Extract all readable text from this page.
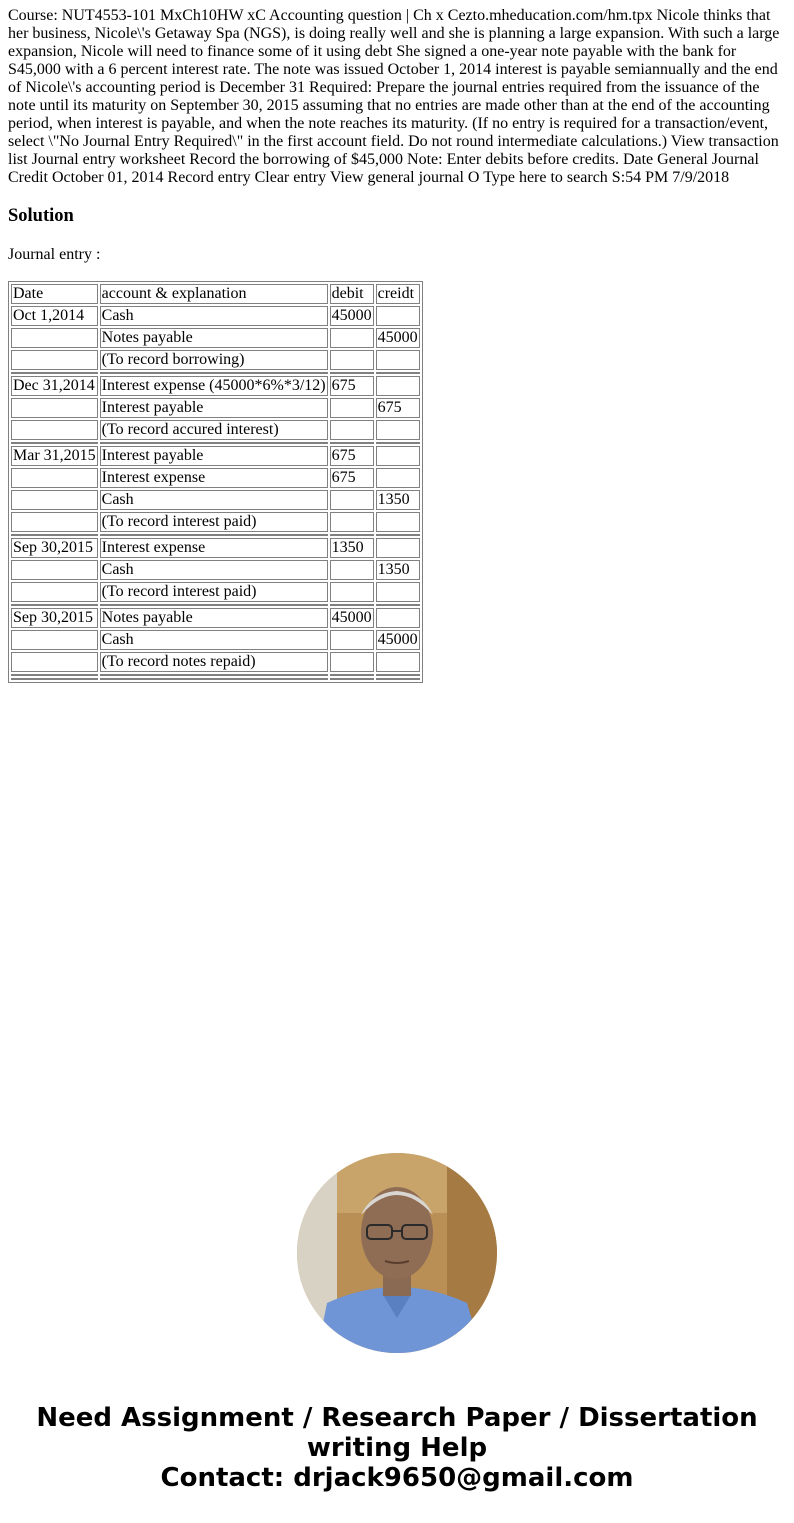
Course: NUT4553-101 MxCh10HW xC Accounting question | Ch x Cezto.mheducation.com/hm.tpx Nicole thinks that her business, Nicole\'s Getaway Spa (NGS), is doing really well and she is planning a large expansion. With such a large expansion, Nicole will need to finance some of it using debt She signed a one-year note payable with the bank for S45,000 with a 6 percent interest rate. The note was issued October 1, 2014 interest is payable semiannually and the end of Nicole\'s accounting period is December 31 Required: Prepare the journal entries required from the issuance of the note until its maturity on September 30, 2015 assuming that no entries are made other than at the end of the accounting period, when interest is payable, and when the note reaches its maturity. (If no entry is required for a transaction/event, select \"No Journal Entry Required\" in the first account field. Do not round intermediate calculations.) View transaction list Journal entry worksheet Record the borrowing of $45,000 Note: Enter debits before credits. Date General Journal Credit October 01, 2014 Record entry Clear entry View general journal O Type here to search S:54 PM 7/9/2018

Solution

Journal entry :

Date	account & explanation	debit	creidt
Oct 1,2014	Cash	45000	
	Notes payable		45000
	(To record borrowing)		

Dec 31,2014	Interest expense (45000*6%*3/12)	675	
	Interest payable		675
	(To record accured interest)		

Mar 31,2015	Interest payable	675	
	Interest expense	675	
	Cash		1350
	(To record interest paid)		

Sep 30,2015	Interest expense	1350	
	Cash		1350
	(To record interest paid)		

Sep 30,2015	Notes payable	45000	
	Cash		45000
	(To record notes repaid)		

Need Assignment / Research Paper / Dissertation
writing Help
Contact: drjack9650@gmail.com
